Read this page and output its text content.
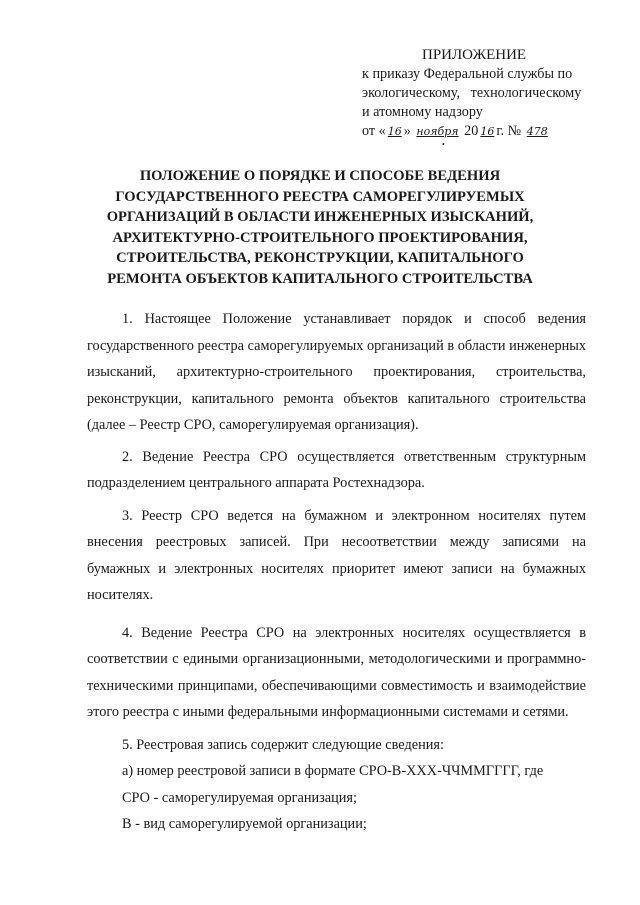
ПРИЛОЖЕНИЕ
к приказу Федеральной службы по
экологическому,   технологическому
и атомному надзору
от « 16 » ноября 20 16 г. № 478
•
ПОЛОЖЕНИЕ О ПОРЯДКЕ И СПОСОБЕ ВЕДЕНИЯ
ГОСУДАРСТВЕННОГО РЕЕСТРА САМОРЕГУЛИРУЕМЫХ
ОРГАНИЗАЦИЙ В ОБЛАСТИ ИНЖЕНЕРНЫХ ИЗЫСКАНИЙ,
АРХИТЕКТУРНО-СТРОИТЕЛЬНОГО ПРОЕКТИРОВАНИЯ,
СТРОИТЕЛЬСТВА, РЕКОНСТРУКЦИИ, КАПИТАЛЬНОГО
РЕМОНТА ОБЪЕКТОВ КАПИТАЛЬНОГО СТРОИТЕЛЬСТВА

1. Настоящее Положение устанавливает порядок и способ ведения государственного реестра саморегулируемых организаций в области инженерных изысканий, архитектурно-строительного проектирования, строительства, реконструкции, капитального ремонта объектов капитального строительства (далее – Реестр СРО, саморегулируемая организация).

2. Ведение Реестра СРО осуществляется ответственным структурным подразделением центрального аппарата Ростехнадзора.

3. Реестр СРО ведется на бумажном и электронном носителях путем внесения реестровых записей. При несоответствии между записями на бумажных и электронных носителях приоритет имеют записи на бумажных носителях.

4. Ведение Реестра СРО на электронных носителях осуществляется в соответствии с едиными организационными, методологическими и программно-техническими принципами, обеспечивающими совместимость и взаимодействие этого реестра с иными федеральными информационными системами и сетями.

5. Реестровая запись содержит следующие сведения:

а) номер реестровой записи в формате СРО-В-XXX-ЧЧММГГГГ, где

СРО - саморегулируемая организация;

В - вид саморегулируемой организации;
